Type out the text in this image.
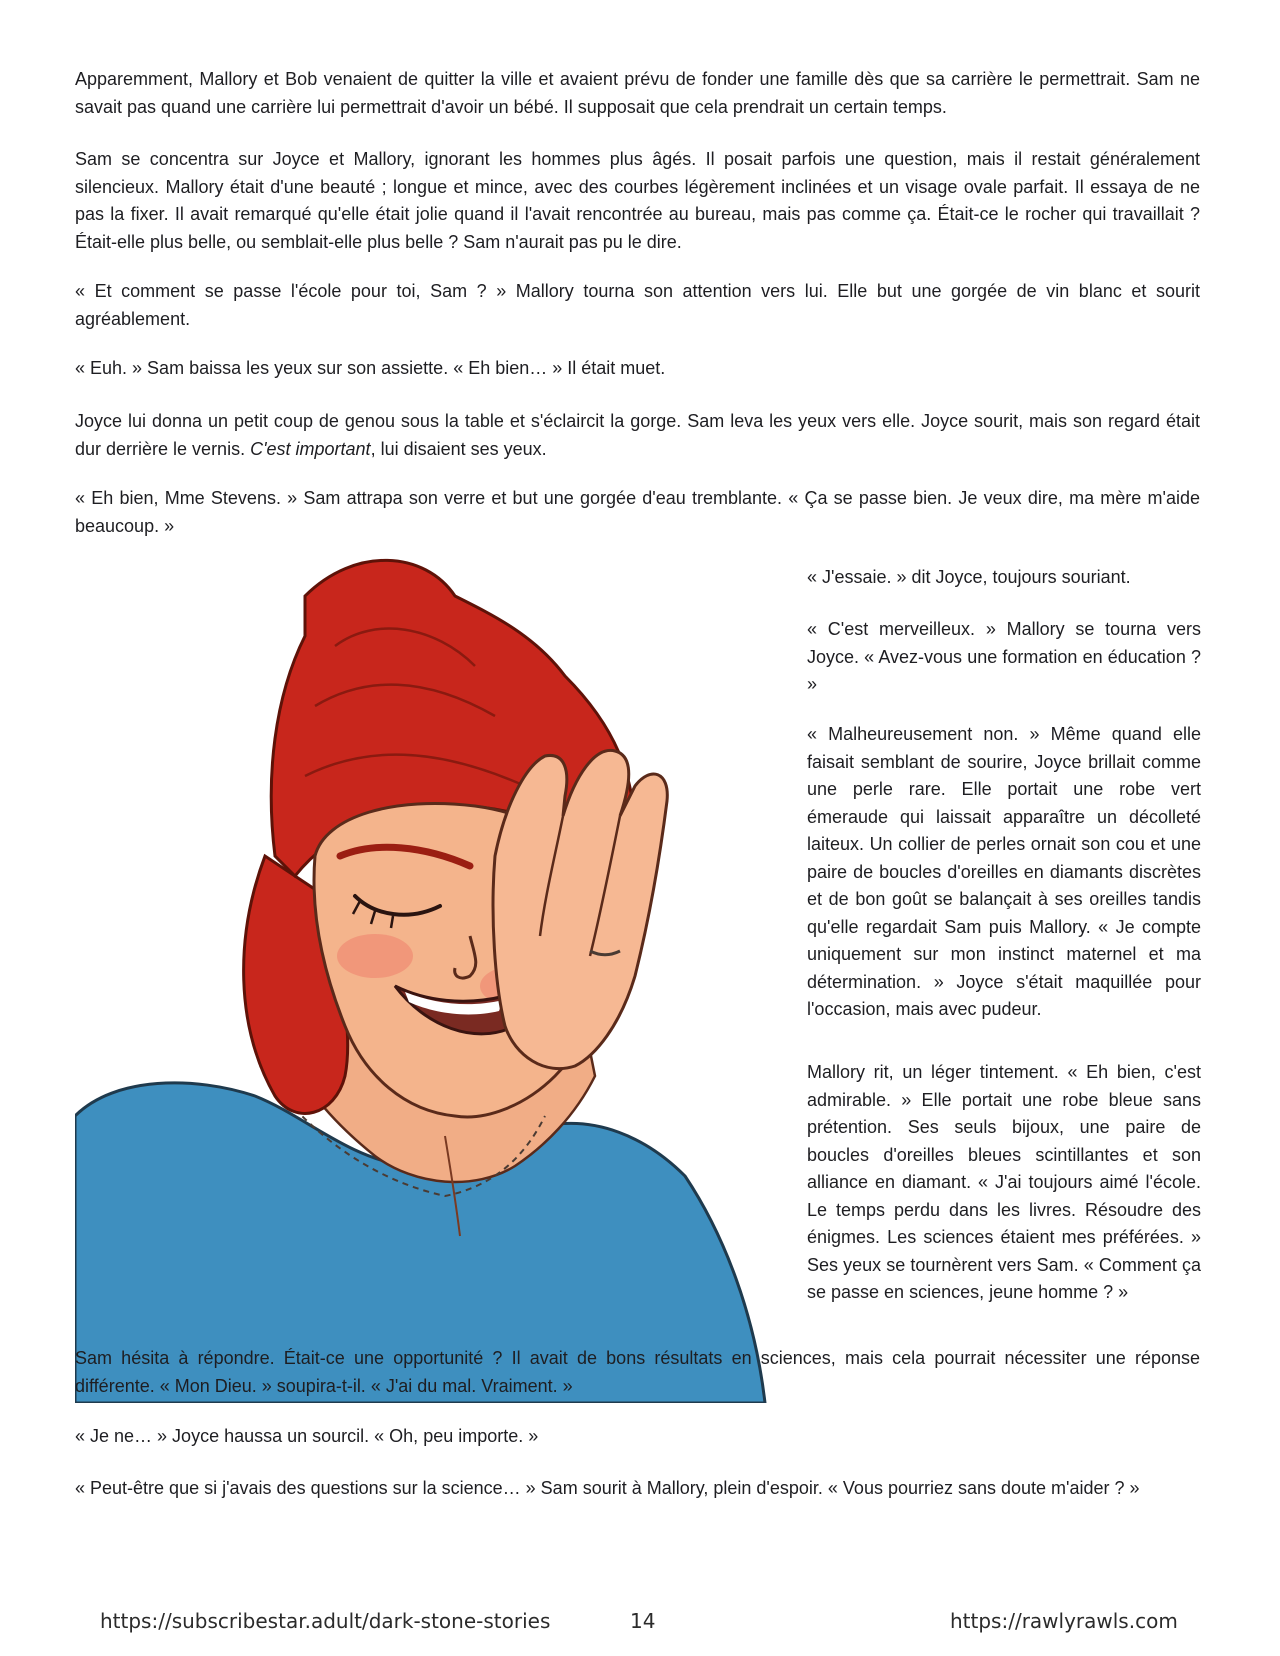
Apparemment, Mallory et Bob venaient de quitter la ville et avaient prévu de fonder une famille dès que sa carrière le permettrait. Sam ne savait pas quand une carrière lui permettrait d'avoir un bébé. Il supposait que cela prendrait un certain temps.

Sam se concentra sur Joyce et Mallory, ignorant les hommes plus âgés. Il posait parfois une question, mais il restait généralement silencieux. Mallory était d'une beauté ; longue et mince, avec des courbes légèrement inclinées et un visage ovale parfait. Il essaya de ne pas la fixer. Il avait remarqué qu'elle était jolie quand il l'avait rencontrée au bureau, mais pas comme ça. Était-ce le rocher qui travaillait ? Était-elle plus belle, ou semblait-elle plus belle ? Sam n'aurait pas pu le dire.

« Et comment se passe l'école pour toi, Sam ? » Mallory tourna son attention vers lui. Elle but une gorgée de vin blanc et sourit agréablement.

« Euh. » Sam baissa les yeux sur son assiette. « Eh bien… » Il était muet.

Joyce lui donna un petit coup de genou sous la table et s'éclaircit la gorge. Sam leva les yeux vers elle. Joyce sourit, mais son regard était dur derrière le vernis. C'est important, lui disaient ses yeux.

« Eh bien, Mme Stevens. » Sam attrapa son verre et but une gorgée d'eau tremblante. « Ça se passe bien. Je veux dire, ma mère m'aide beaucoup. »

« J'essaie. » dit Joyce, toujours souriant.

« C'est merveilleux. » Mallory se tourna vers Joyce. « Avez-vous une formation en éducation ? »

« Malheureusement non. » Même quand elle faisait semblant de sourire, Joyce brillait comme une perle rare. Elle portait une robe vert émeraude qui laissait apparaître un décolleté laiteux. Un collier de perles ornait son cou et une paire de boucles d'oreilles en diamants discrètes et de bon goût se balançait à ses oreilles tandis qu'elle regardait Sam puis Mallory. « Je compte uniquement sur mon instinct maternel et ma détermination. » Joyce s'était maquillée pour l'occasion, mais avec pudeur.

Mallory rit, un léger tintement. « Eh bien, c'est admirable. » Elle portait une robe bleue sans prétention. Ses seuls bijoux, une paire de boucles d'oreilles bleues scintillantes et son alliance en diamant. « J'ai toujours aimé l'école. Le temps perdu dans les livres. Résoudre des énigmes. Les sciences étaient mes préférées. » Ses yeux se tournèrent vers Sam. « Comment ça se passe en sciences, jeune homme ? »

Sam hésita à répondre. Était-ce une opportunité ? Il avait de bons résultats en sciences, mais cela pourrait nécessiter une réponse différente. « Mon Dieu. » soupira-t-il. « J'ai du mal. Vraiment. »

« Je ne… » Joyce haussa un sourcil. « Oh, peu importe. »

« Peut-être que si j'avais des questions sur la science… » Sam sourit à Mallory, plein d'espoir. « Vous pourriez sans doute m'aider ? »

https://subscribestar.adult/dark-stone-stories	14	https://rawlyrawls.com
